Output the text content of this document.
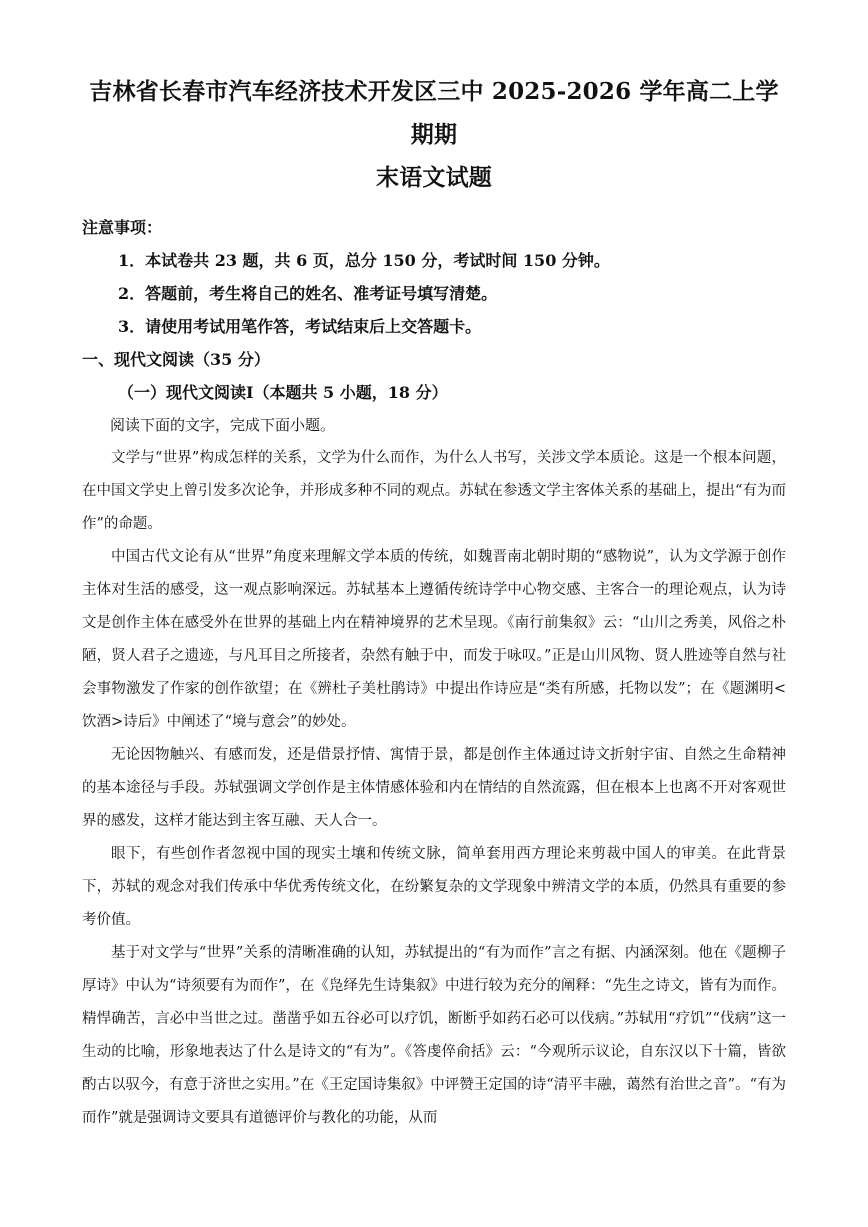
吉林省长春市汽车经济技术开发区三中 2025-2026 学年高二上学期期
末语文试题

注意事项：

1．本试卷共 23 题，共 6 页，总分 150 分，考试时间 150 分钟。

2．答题前，考生将自己的姓名、准考证号填写清楚。

3．请使用考试用笔作答，考试结束后上交答题卡。

一、现代文阅读（35 分）

（一）现代文阅读Ⅰ（本题共 5 小题，18 分）

阅读下面的文字，完成下面小题。

文学与“世界”构成怎样的关系，文学为什么而作，为什么人书写，关涉文学本质论。这是一个根本问题，在中国文学史上曾引发多次论争，并形成多种不同的观点。苏轼在参透文学主客体关系的基础上，提出“有为而作”的命题。

中国古代文论有从“世界”角度来理解文学本质的传统，如魏晋南北朝时期的“感物说”，认为文学源于创作主体对生活的感受，这一观点影响深远。苏轼基本上遵循传统诗学中心物交感、主客合一的理论观点，认为诗文是创作主体在感受外在世界的基础上内在精神境界的艺术呈现。《南行前集叙》云：“山川之秀美，风俗之朴陋，贤人君子之遗迹，与凡耳目之所接者，杂然有触于中，而发于咏叹。”正是山川风物、贤人胜迹等自然与社会事物激发了作家的创作欲望；在《辨杜子美杜鹃诗》中提出作诗应是“类有所感，托物以发”；在《题渊明<饮酒>诗后》中阐述了“境与意会”的妙处。

无论因物触兴、有感而发，还是借景抒情、寓情于景，都是创作主体通过诗文折射宇宙、自然之生命精神的基本途径与手段。苏轼强调文学创作是主体情感体验和内在情结的自然流露，但在根本上也离不开对客观世界的感发，这样才能达到主客互融、天人合一。

眼下，有些创作者忽视中国的现实土壤和传统文脉，简单套用西方理论来剪裁中国人的审美。在此背景下，苏轼的观念对我们传承中华优秀传统文化，在纷繁复杂的文学现象中辨清文学的本质，仍然具有重要的参考价值。

基于对文学与“世界”关系的清晰准确的认知，苏轼提出的“有为而作”言之有据、内涵深刻。他在《题柳子厚诗》中认为“诗须要有为而作”，在《凫绎先生诗集叙》中进行较为充分的阐释：“先生之诗文，皆有为而作。精悍确苦，言必中当世之过。凿凿乎如五谷必可以疗饥，断断乎如药石必可以伐病。”苏轼用“疗饥”“伐病”这一生动的比喻，形象地表达了什么是诗文的“有为”。《答虔倅俞括》云：“今观所示议论，自东汉以下十篇，皆欲酌古以驭今，有意于济世之实用。”在《王定国诗集叙》中评赞王定国的诗“清平丰融，蔼然有治世之音”。“有为而作”就是强调诗文要具有道德评价与教化的功能，从而
